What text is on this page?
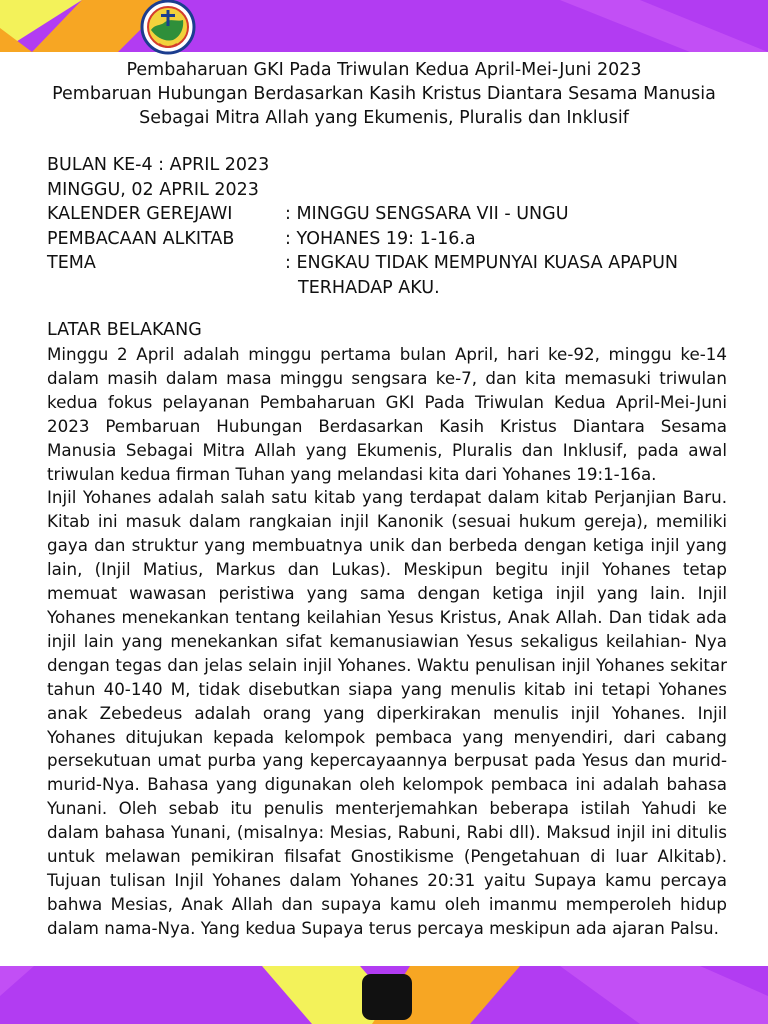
Pembaharuan GKI Pada Triwulan Kedua April-Mei-Juni 2023
Pembaruan Hubungan Berdasarkan Kasih Kristus Diantara Sesama Manusia
Sebagai Mitra Allah yang Ekumenis, Pluralis dan Inklusif
BULAN KE-4 : APRIL 2023
MINGGU, 02 APRIL 2023
KALENDER GEREJAWI	: MINGGU SENGSARA VII - UNGU
PEMBACAAN ALKITAB	: YOHANES 19: 1-16.a
TEMA	: ENGKAU TIDAK MEMPUNYAI KUASA APAPUN
TERHADAP AKU.
LATAR BELAKANG

Minggu 2 April adalah minggu pertama bulan April, hari ke-92, minggu ke-14 dalam masih dalam masa minggu sengsara ke-7, dan kita memasuki triwulan kedua fokus pelayanan Pembaharuan GKI Pada Triwulan Kedua April-Mei-Juni 2023 Pembaruan Hubungan Berdasarkan Kasih Kristus Diantara Sesama Manusia Sebagai Mitra Allah yang Ekumenis, Pluralis dan Inklusif, pada awal triwulan kedua firman Tuhan yang melandasi kita dari Yohanes 19:1-16a.

Injil Yohanes adalah salah satu kitab yang terdapat dalam kitab Perjanjian Baru. Kitab ini masuk dalam rangkaian injil Kanonik (sesuai hukum gereja), memiliki gaya dan struktur yang membuatnya unik dan berbeda dengan ketiga injil yang lain, (Injil Matius, Markus dan Lukas). Meskipun begitu injil Yohanes tetap memuat wawasan peristiwa yang sama dengan ketiga injil yang lain. Injil Yohanes menekankan tentang keilahian Yesus Kristus, Anak Allah. Dan tidak ada injil lain yang menekankan sifat kemanusiawian Yesus sekaligus keilahian- Nya dengan tegas dan jelas selain injil Yohanes. Waktu penulisan injil Yohanes sekitar tahun 40-140 M, tidak disebutkan siapa yang menulis kitab ini tetapi Yohanes anak Zebedeus adalah orang yang diperkirakan menulis injil Yohanes. Injil Yohanes ditujukan kepada kelompok pembaca yang menyendiri, dari cabang persekutuan umat purba yang kepercayaannya berpusat pada Yesus dan murid-murid-Nya. Bahasa yang digunakan oleh kelompok pembaca ini adalah bahasa Yunani. Oleh sebab itu penulis menterjemahkan beberapa istilah Yahudi ke dalam bahasa Yunani, (misalnya: Mesias, Rabuni, Rabi dll). Maksud injil ini ditulis untuk melawan pemikiran filsafat Gnostikisme (Pengetahuan di luar Alkitab). Tujuan tulisan Injil Yohanes dalam Yohanes 20:31 yaitu Supaya kamu percaya bahwa Mesias, Anak Allah dan supaya kamu oleh imanmu memperoleh hidup dalam nama-Nya. Yang kedua Supaya terus percaya meskipun ada ajaran Palsu.
